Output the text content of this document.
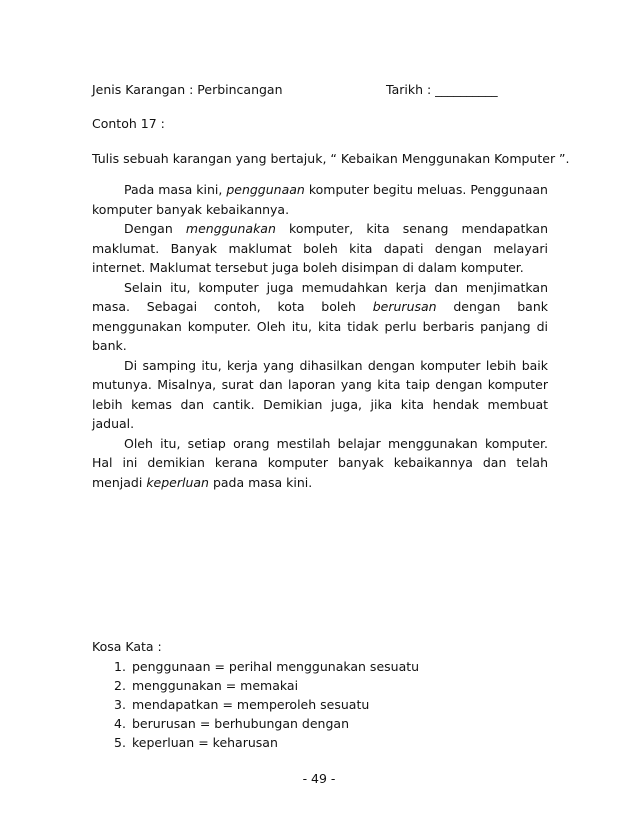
Jenis Karangan : Perbincangan	Tarikh : __________
Contoh 17 :
Tulis sebuah karangan yang bertajuk, “ Kebaikan Menggunakan Komputer ”.

Pada masa kini, penggunaan komputer begitu meluas. Penggunaan komputer banyak kebaikannya.

Dengan menggunakan komputer, kita senang mendapatkan maklumat. Banyak maklumat boleh kita dapati dengan melayari internet. Maklumat tersebut juga boleh disimpan di dalam komputer.

Selain itu, komputer juga memudahkan kerja dan menjimatkan masa. Sebagai contoh, kota boleh berurusan dengan bank menggunakan komputer. Oleh itu, kita tidak perlu berbaris panjang di bank.

Di samping itu, kerja yang dihasilkan dengan komputer lebih baik mutunya. Misalnya, surat dan laporan yang kita taip dengan komputer lebih kemas dan cantik. Demikian juga, jika kita hendak membuat jadual.

Oleh itu, setiap orang mestilah belajar menggunakan komputer. Hal ini demikian kerana komputer banyak kebaikannya dan telah menjadi keperluan pada masa kini.

Kosa Kata :
1. penggunaan = perihal menggunakan sesuatu
2. menggunakan = memakai
3. mendapatkan = memperoleh sesuatu
4. berurusan = berhubungan dengan
5. keperluan = keharusan
- 49 -
